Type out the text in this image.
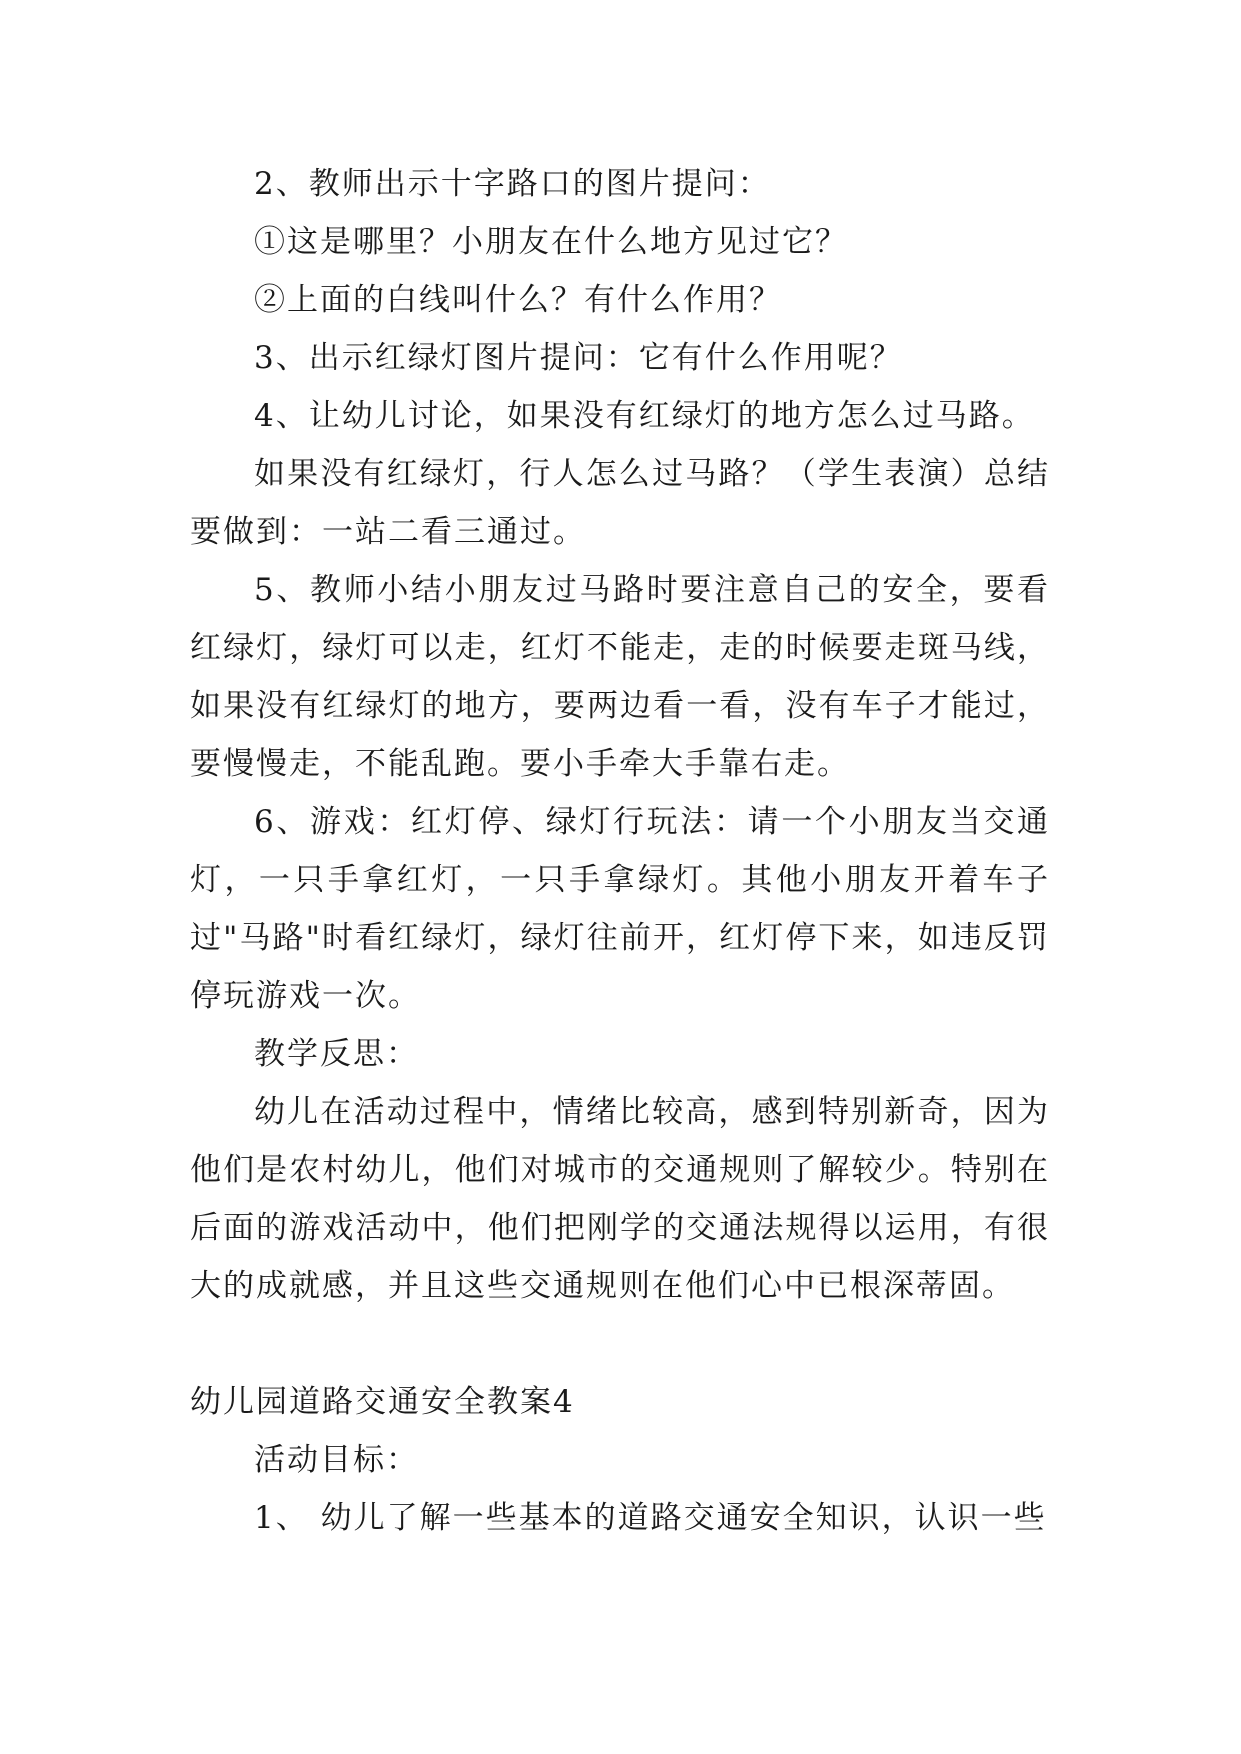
2、教师出示十字路口的图片提问：

①这是哪里？小朋友在什么地方见过它？

②上面的白线叫什么？有什么作用？

3、出示红绿灯图片提问：它有什么作用呢？

4、让幼儿讨论，如果没有红绿灯的地方怎么过马路。

如果没有红绿灯，行人怎么过马路？（学生表演）总结要做到：一站二看三通过。

5、教师小结小朋友过马路时要注意自己的安全，要看红绿灯，绿灯可以走，红灯不能走，走的时候要走斑马线，如果没有红绿灯的地方，要两边看一看，没有车子才能过，要慢慢走，不能乱跑。要小手牵大手靠右走。

6、游戏：红灯停、绿灯行玩法：请一个小朋友当交通灯，一只手拿红灯，一只手拿绿灯。其他小朋友开着车子过"马路"时看红绿灯，绿灯往前开，红灯停下来，如违反罚停玩游戏一次。

教学反思：

幼儿在活动过程中，情绪比较高，感到特别新奇，因为他们是农村幼儿，他们对城市的交通规则了解较少。特别在后面的游戏活动中，他们把刚学的交通法规得以运用，有很大的成就感，并且这些交通规则在他们心中已根深蒂固。

幼儿园道路交通安全教案4

活动目标：

1、 幼儿了解一些基本的道路交通安全知识，认识一些
